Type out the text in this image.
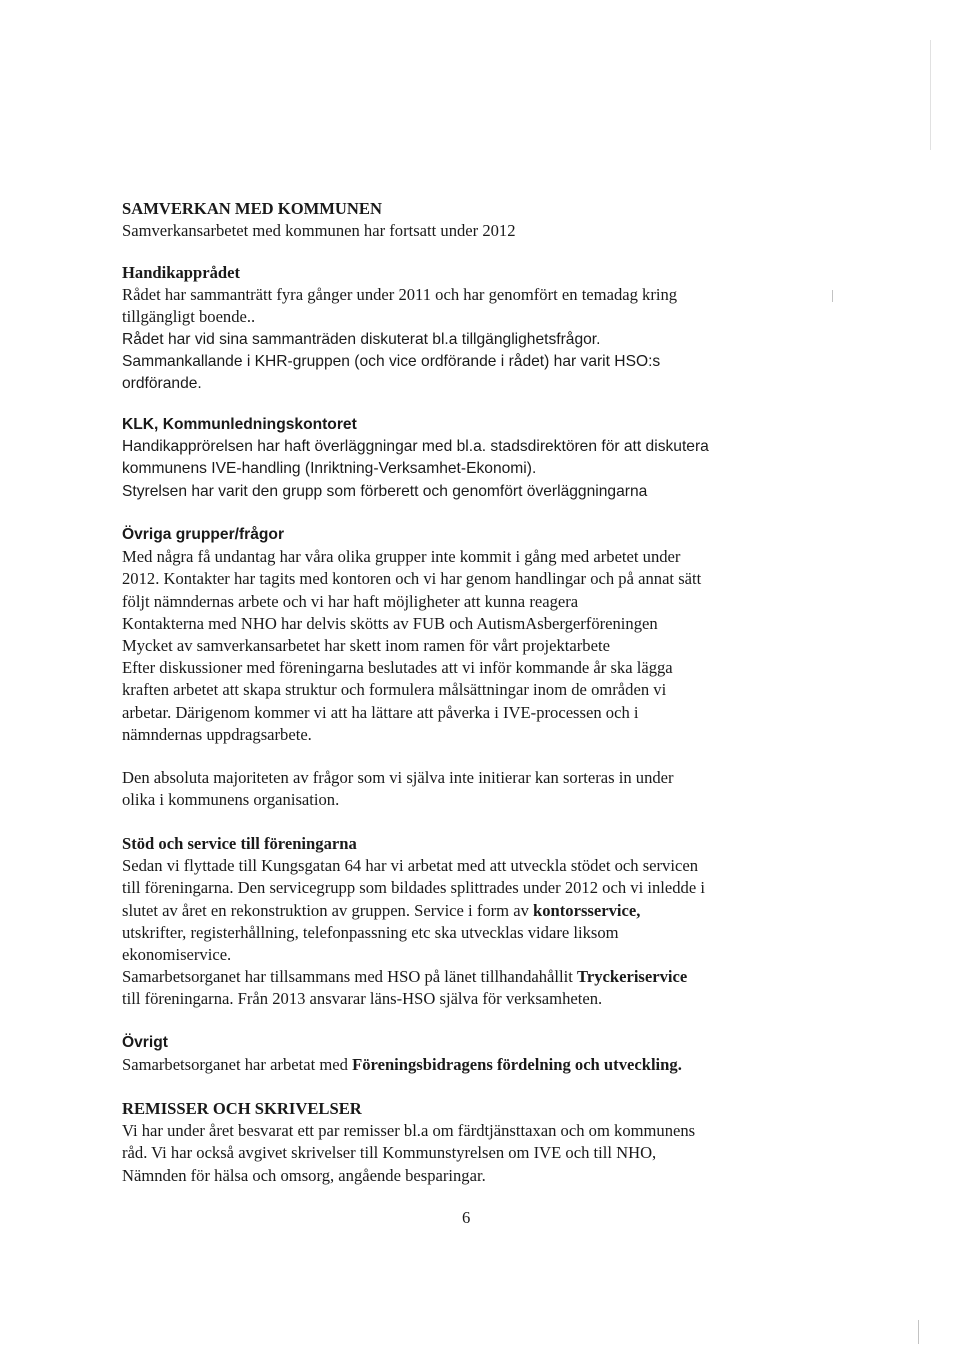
SAMVERKAN MED KOMMUNEN
Samverkansarbetet med kommunen har fortsatt under 2012
Handikapprådet
Rådet har sammanträtt fyra gånger under 2011 och har genomfört en temadag kring
tillgängligt boende..
Rådet har vid sina sammanträden diskuterat bl.a tillgänglighetsfrågor.
Sammankallande i KHR-gruppen (och vice ordförande i rådet) har varit HSO:s
ordförande.
KLK, Kommunledningskontoret
Handikapprörelsen har haft överläggningar med bl.a. stadsdirektören för att diskutera
kommunens IVE-handling (Inriktning-Verksamhet-Ekonomi).
Styrelsen har varit den grupp som förberett och genomfört överläggningarna
Övriga grupper/frågor
Med några få undantag har våra olika grupper inte kommit i gång med arbetet under
2012. Kontakter har tagits med kontoren och vi har genom handlingar och på annat sätt
följt nämndernas arbete och vi har haft möjligheter att kunna reagera
Kontakterna med NHO har delvis skötts av FUB och AutismAsbergerföreningen
Mycket av samverkansarbetet har skett inom ramen för vårt projektarbete
Efter diskussioner med föreningarna beslutades att vi inför kommande år ska lägga
kraften arbetet att skapa struktur och formulera målsättningar inom de områden vi
arbetar. Därigenom kommer vi att ha lättare att påverka i IVE-processen och i
nämndernas uppdragsarbete.
Den absoluta majoriteten av frågor som vi själva inte initierar kan sorteras in under
olika i kommunens organisation.
Stöd och service till föreningarna
Sedan vi flyttade till Kungsgatan 64 har vi arbetat med att utveckla stödet och servicen
till föreningarna. Den servicegrupp som bildades splittrades under 2012 och vi inledde i
slutet av året en rekonstruktion av gruppen. Service i form av kontorsservice,
utskrifter, registerhållning, telefonpassning etc ska utvecklas vidare liksom
ekonomiservice.
Samarbetsorganet har tillsammans med HSO på länet tillhandahållit Tryckeriservice
till föreningarna. Från 2013 ansvarar läns-HSO själva för verksamheten.
Övrigt
Samarbetsorganet har arbetat med Föreningsbidragens fördelning och utveckling.
REMISSER OCH SKRIVELSER
Vi har under året besvarat ett par remisser bl.a om färdtjänsttaxan och om kommunens
råd. Vi har också avgivet skrivelser till Kommunstyrelsen om IVE och till NHO,
Nämnden för hälsa och omsorg, angående besparingar.
6
